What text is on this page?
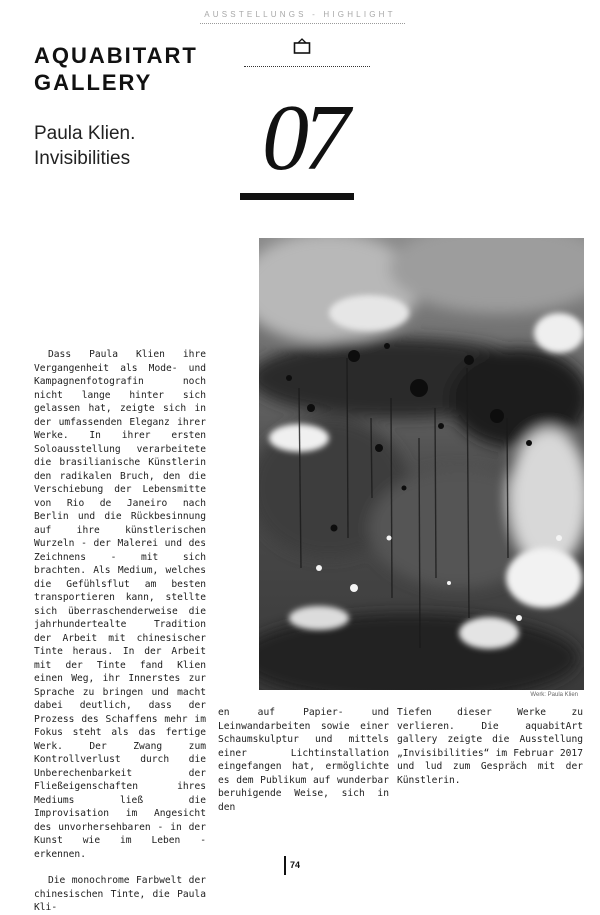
AUSSTELLUNGS - HIGHLIGHT
AQUABITART
GALLERY
Paula Klien.
Invisibilities	07
Werk: Paula Klien

Dass Paula Klien ihre Vergangenheit als Mode- und Kampagnenfotografin noch nicht lange hinter sich gelassen hat, zeigte sich in der umfassenden Eleganz ihrer Werke. In ihrer ersten Soloausstellung verarbeitete die brasilianische Künstlerin den radikalen Bruch, den die Verschiebung der Lebensmitte von Rio de Janeiro nach Berlin und die Rückbesinnung auf ihre künstlerischen Wurzeln - der Malerei und des Zeichnens - mit sich brachten. Als Medium, welches die Gefühlsflut am besten transportieren kann, stellte sich überraschenderweise die jahrhundertealte Tradition der Arbeit mit chinesischer Tinte heraus. In der Arbeit mit der Tinte fand Klien einen Weg, ihr Innerstes zur Sprache zu bringen und macht dabei deutlich, dass der Prozess des Schaffens mehr im Fokus steht als das fertige Werk. Der Zwang zum Kontrollverlust durch die Unberechenbarkeit der Fließeigenschaften ihres Mediums ließ die Improvisation im Angesicht des unvorhersehbaren - in der Kunst wie im Leben - erkennen.

Die monochrome Farbwelt der chinesischen Tinte, die Paula Kli-

en auf Papier- und Leinwandarbeiten sowie einer Schaumskulptur und mittels einer Lichtinstallation eingefangen hat, ermöglichte es dem Publikum auf wunderbar beruhigende Weise, sich in den

Tiefen dieser Werke zu verlieren. Die aquabitArt gallery zeigte die Ausstellung „Invisibilities“ im Februar 2017 und lud zum Gespräch mit der Künstlerin.

74
